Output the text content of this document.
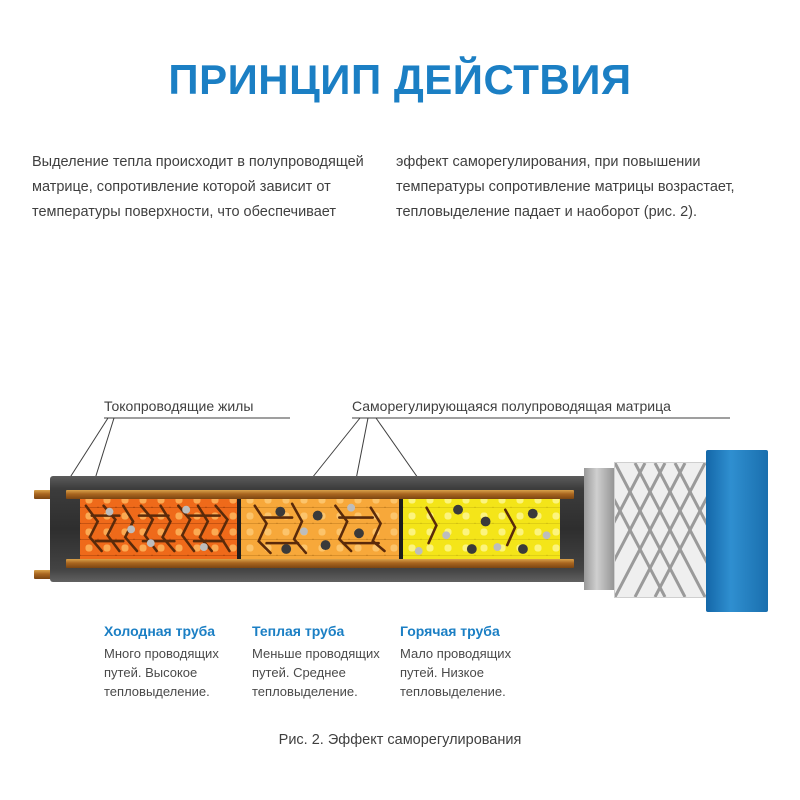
ПРИНЦИП ДЕЙСТВИЯ
Выделение тепла происходит в полупроводящей матрице, сопротивление которой зависит от температуры поверхности, что обеспечивает
эффект саморегулирования, при повышении температуры сопротивление матрицы возрастает, тепловыделение падает и наоборот (рис. 2).
Токопроводящие жилы	Саморегулирующаяся полупроводящая матрица
Холодная труба
Много проводящих путей. Высокое тепловыделение.
Теплая труба
Меньше проводящих путей. Среднее тепловыделение.
Горячая труба
Мало проводящих путей. Низкое тепловыделение.
Рис. 2. Эффект саморегулирования
